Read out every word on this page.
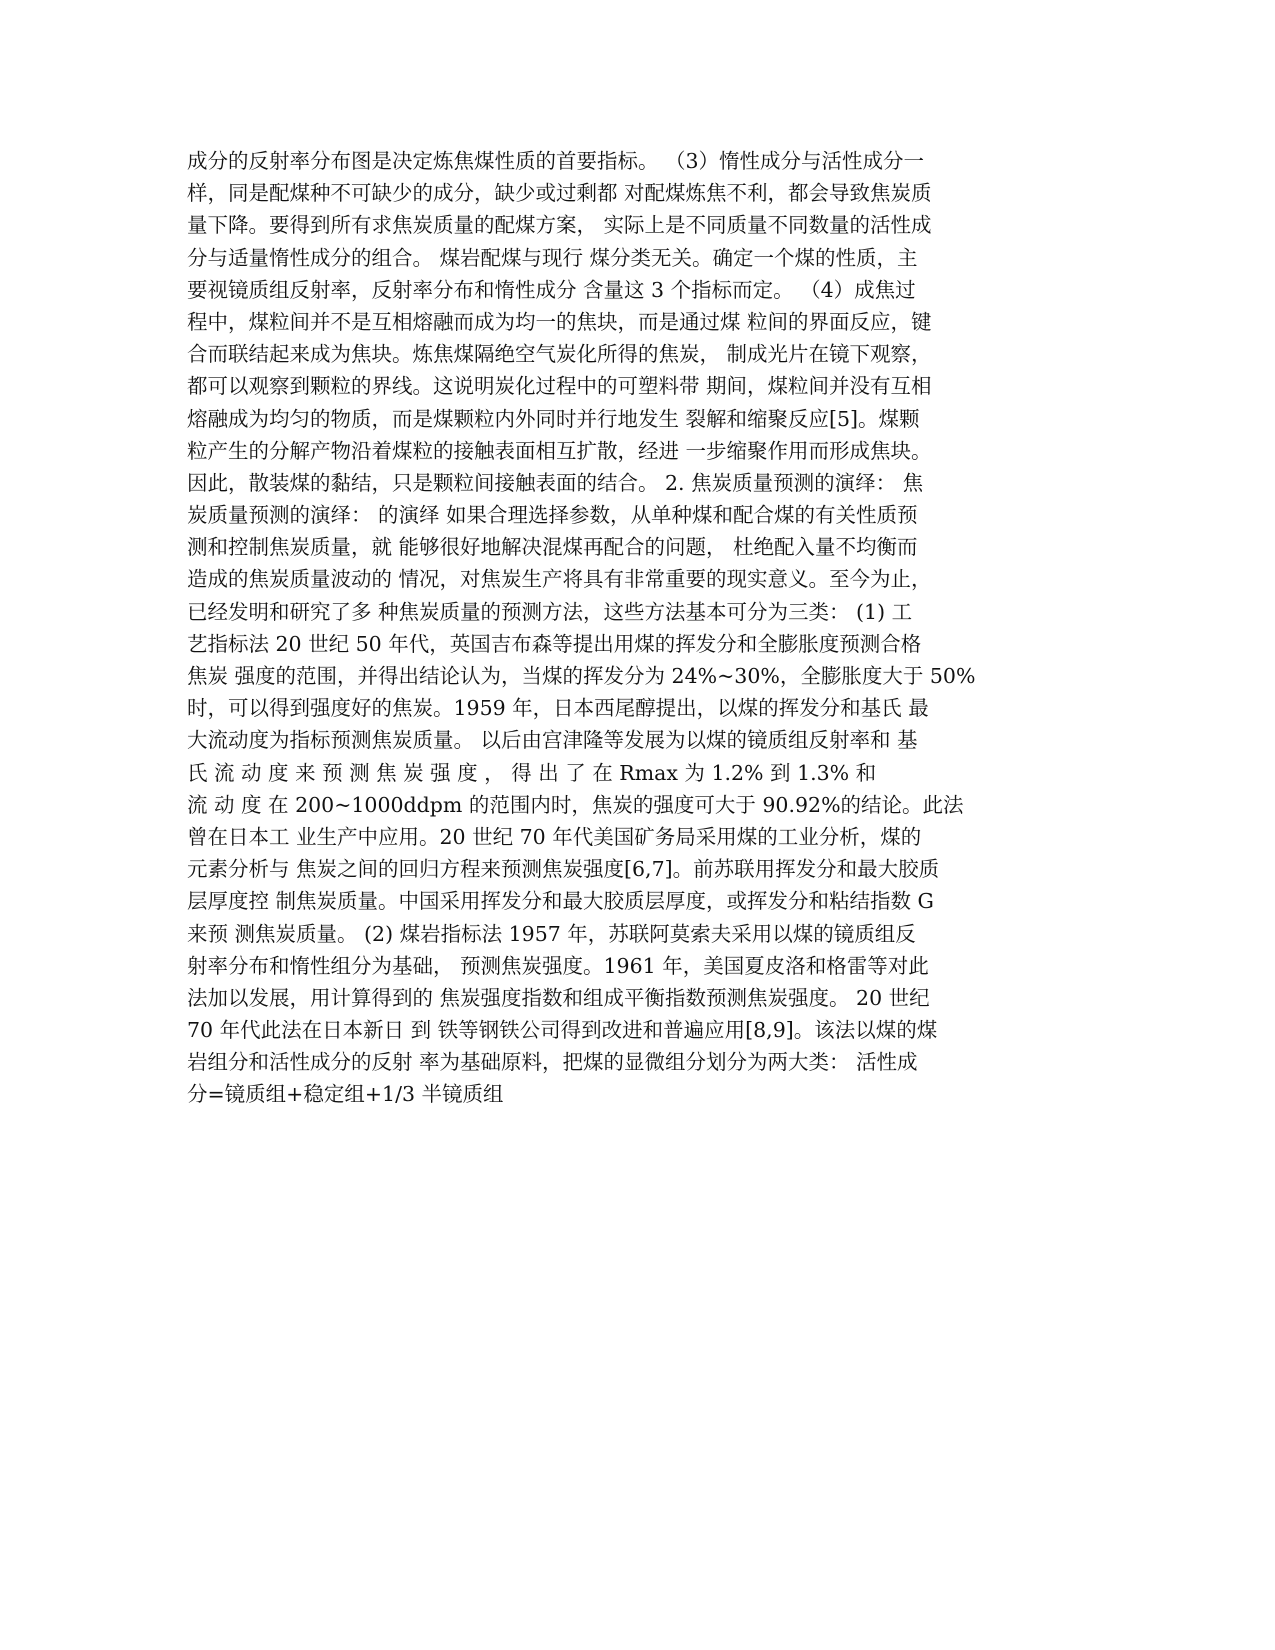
成分的反射率分布图是决定炼焦煤性质的首要指标。 （3）惰性成分与活性成分一
样，同是配煤种不可缺少的成分，缺少或过剩都 对配煤炼焦不利，都会导致焦炭质
量下降。要得到所有求焦炭质量的配煤方案， 实际上是不同质量不同数量的活性成
分与适量惰性成分的组合。 煤岩配煤与现行 煤分类无关。确定一个煤的性质，主
要视镜质组反射率，反射率分布和惰性成分 含量这 3 个指标而定。 （4）成焦过
程中，煤粒间并不是互相熔融而成为均一的焦块，而是通过煤 粒间的界面反应，键
合而联结起来成为焦块。炼焦煤隔绝空气炭化所得的焦炭， 制成光片在镜下观察，
都可以观察到颗粒的界线。这说明炭化过程中的可塑料带 期间，煤粒间并没有互相
熔融成为均匀的物质，而是煤颗粒内外同时并行地发生 裂解和缩聚反应[5]。煤颗
粒产生的分解产物沿着煤粒的接触表面相互扩散，经进 一步缩聚作用而形成焦块。
因此，散装煤的黏结，只是颗粒间接触表面的结合。 2. 焦炭质量预测的演绎： 焦
炭质量预测的演绎： 的演绎 如果合理选择参数，从单种煤和配合煤的有关性质预
测和控制焦炭质量，就 能够很好地解决混煤再配合的问题， 杜绝配入量不均衡而
造成的焦炭质量波动的 情况，对焦炭生产将具有非常重要的现实意义。至今为止，
已经发明和研究了多 种焦炭质量的预测方法，这些方法基本可分为三类： (1) 工
艺指标法 20 世纪 50 年代，英国吉布森等提出用煤的挥发分和全膨胀度预测合格
焦炭 强度的范围，并得出结论认为，当煤的挥发分为 24%~30%，全膨胀度大于 50%
时，可以得到强度好的焦炭。1959 年，日本西尾醇提出，以煤的挥发分和基氏 最
大流动度为指标预测焦炭质量。 以后由宫津隆等发展为以煤的镜质组反射率和 基
氏 流 动 度 来 预 测 焦 炭 强 度 ， 得 出 了 在 Rmax 为 1.2% 到 1.3% 和
流 动 度 在 200~1000ddpm 的范围内时，焦炭的强度可大于 90.92%的结论。此法
曾在日本工 业生产中应用。20 世纪 70 年代美国矿务局采用煤的工业分析，煤的
元素分析与 焦炭之间的回归方程来预测焦炭强度[6,7]。前苏联用挥发分和最大胶质
层厚度控 制焦炭质量。中国采用挥发分和最大胶质层厚度，或挥发分和粘结指数 G
来预 测焦炭质量。 (2) 煤岩指标法 1957 年，苏联阿莫索夫采用以煤的镜质组反
射率分布和惰性组分为基础， 预测焦炭强度。1961 年，美国夏皮洛和格雷等对此
法加以发展，用计算得到的 焦炭强度指数和组成平衡指数预测焦炭强度。 20 世纪
70 年代此法在日本新日 到 铁等钢铁公司得到改进和普遍应用[8,9]。该法以煤的煤
岩组分和活性成分的反射 率为基础原料，把煤的显微组分划分为两大类： 活性成
分=镜质组+稳定组+1/3 半镜质组
